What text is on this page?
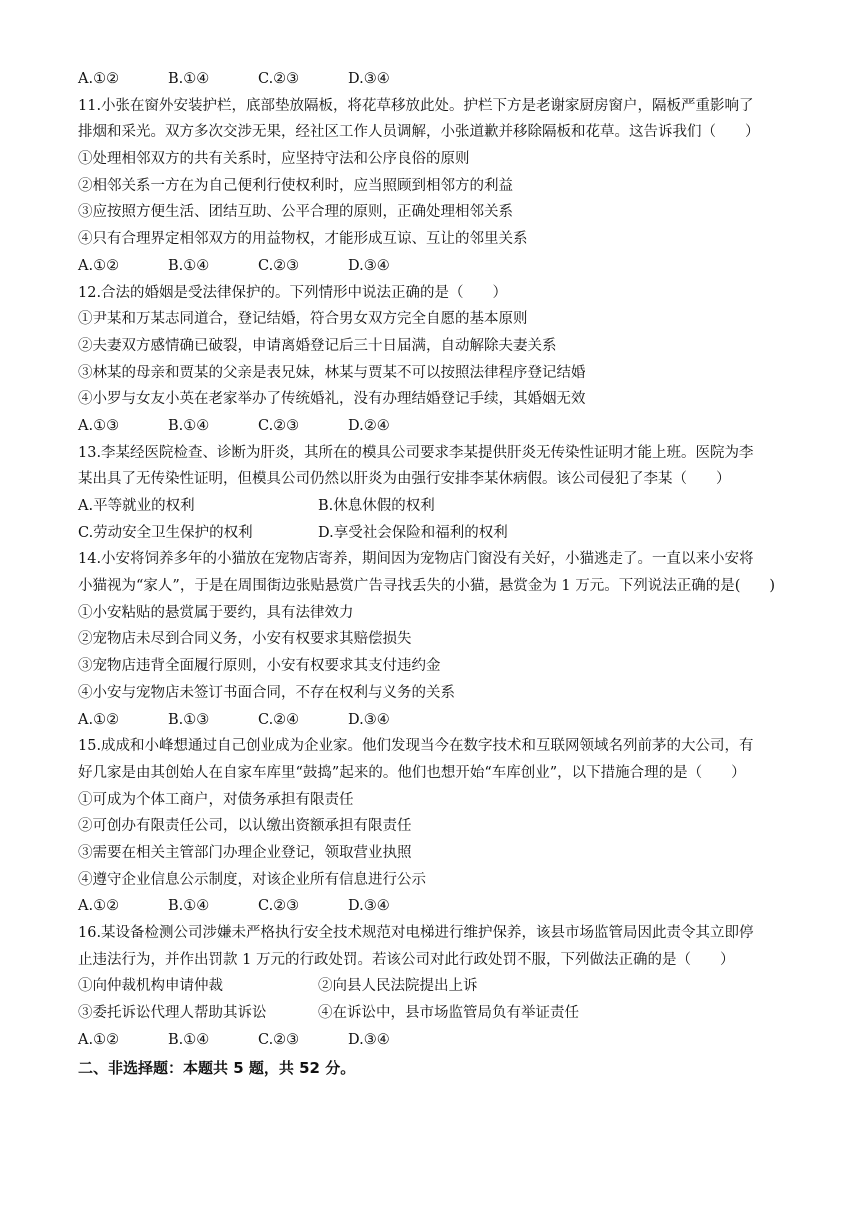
A.①②	B.①④	C.②③	D.③④
11.小张在窗外安装护栏，底部垫放隔板，将花草移放此处。护栏下方是老谢家厨房窗户，隔板严重影响了
排烟和采光。双方多次交涉无果，经社区工作人员调解，小张道歉并移除隔板和花草。这告诉我们（　　）
①处理相邻双方的共有关系时，应坚持守法和公序良俗的原则
②相邻关系一方在为自己便利行使权利时，应当照顾到相邻方的利益
③应按照方便生活、团结互助、公平合理的原则，正确处理相邻关系
④只有合理界定相邻双方的用益物权，才能形成互谅、互让的邻里关系
A.①②	B.①④	C.②③	D.③④
12.合法的婚姻是受法律保护的。下列情形中说法正确的是（　　）
①尹某和万某志同道合，登记结婚，符合男女双方完全自愿的基本原则
②夫妻双方感情确已破裂，申请离婚登记后三十日届满，自动解除夫妻关系
③林某的母亲和贾某的父亲是表兄妹，林某与贾某不可以按照法律程序登记结婚
④小罗与女友小英在老家举办了传统婚礼，没有办理结婚登记手续，其婚姻无效
A.①③	B.①④	C.②③	D.②④
13.李某经医院检查、诊断为肝炎，其所在的模具公司要求李某提供肝炎无传染性证明才能上班。医院为李
某出具了无传染性证明，但模具公司仍然以肝炎为由强行安排李某休病假。该公司侵犯了李某（　　）
A.平等就业的权利	B.休息休假的权利
C.劳动安全卫生保护的权利	D.享受社会保险和福利的权利
14.小安将饲养多年的小猫放在宠物店寄养，期间因为宠物店门窗没有关好，小猫逃走了。一直以来小安将
小猫视为“家人”，于是在周围街边张贴悬赏广告寻找丢失的小猫，悬赏金为 1 万元。下列说法正确的是(　　)
①小安粘贴的悬赏属于要约，具有法律效力
②宠物店未尽到合同义务，小安有权要求其赔偿损失
③宠物店违背全面履行原则，小安有权要求其支付违约金
④小安与宠物店未签订书面合同，不存在权利与义务的关系
A.①②	B.①③	C.②④	D.③④
15.成成和小峰想通过自己创业成为企业家。他们发现当今在数字技术和互联网领域名列前茅的大公司，有
好几家是由其创始人在自家车库里“鼓捣”起来的。他们也想开始“车库创业”，以下措施合理的是（　　）
①可成为个体工商户，对债务承担有限责任
②可创办有限责任公司，以认缴出资额承担有限责任
③需要在相关主管部门办理企业登记，领取营业执照
④遵守企业信息公示制度，对该企业所有信息进行公示
A.①②	B.①④	C.②③	D.③④
16.某设备检测公司涉嫌未严格执行安全技术规范对电梯进行维护保养，该县市场监管局因此责令其立即停
止违法行为，并作出罚款 1 万元的行政处罚。若该公司对此行政处罚不服，下列做法正确的是（　　）
①向仲裁机构申请仲裁	②向县人民法院提出上诉
③委托诉讼代理人帮助其诉讼	④在诉讼中，县市场监管局负有举证责任
A.①②	B.①④	C.②③	D.③④
二、非选择题：本题共 5 题，共 52 分。
